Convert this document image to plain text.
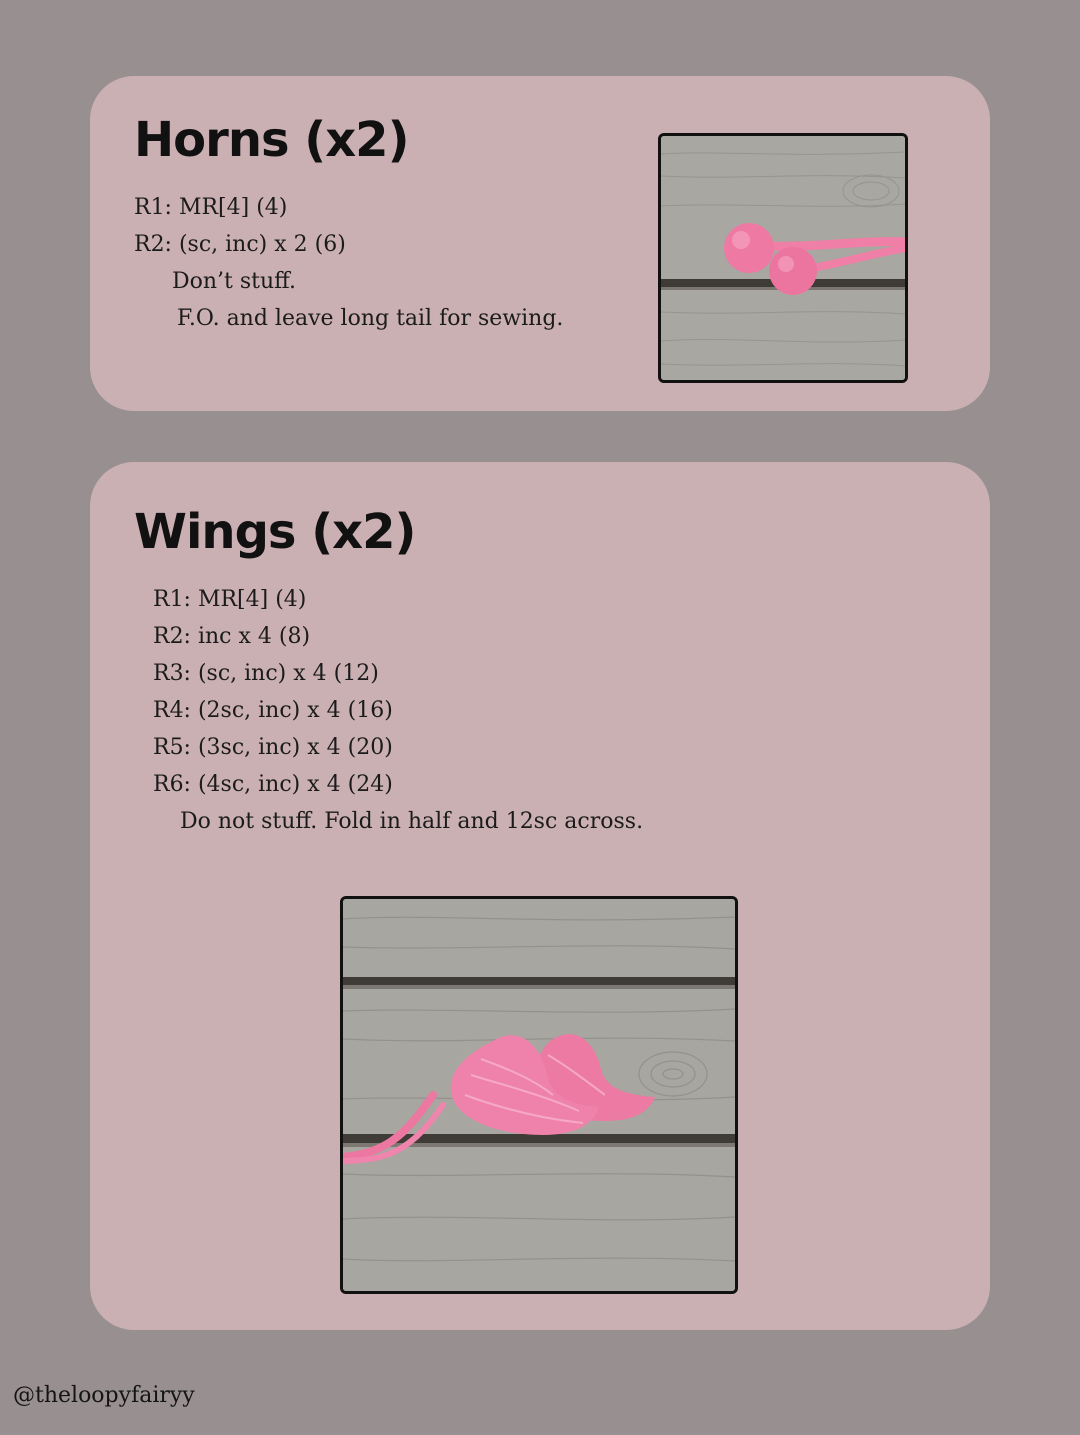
Horns (x2)
R1: MR[4] (4)
R2: (sc, inc) x 2 (6)
Don’t stuff.
F.O. and leave long tail for sewing.
Wings (x2)
R1: MR[4] (4)
R2: inc x 4 (8)
R3: (sc, inc) x 4 (12)
R4: (2sc, inc) x 4 (16)
R5: (3sc, inc) x 4 (20)
R6: (4sc, inc) x 4 (24)
Do not stuff. Fold in half and 12sc across.
@theloopyfairyy
